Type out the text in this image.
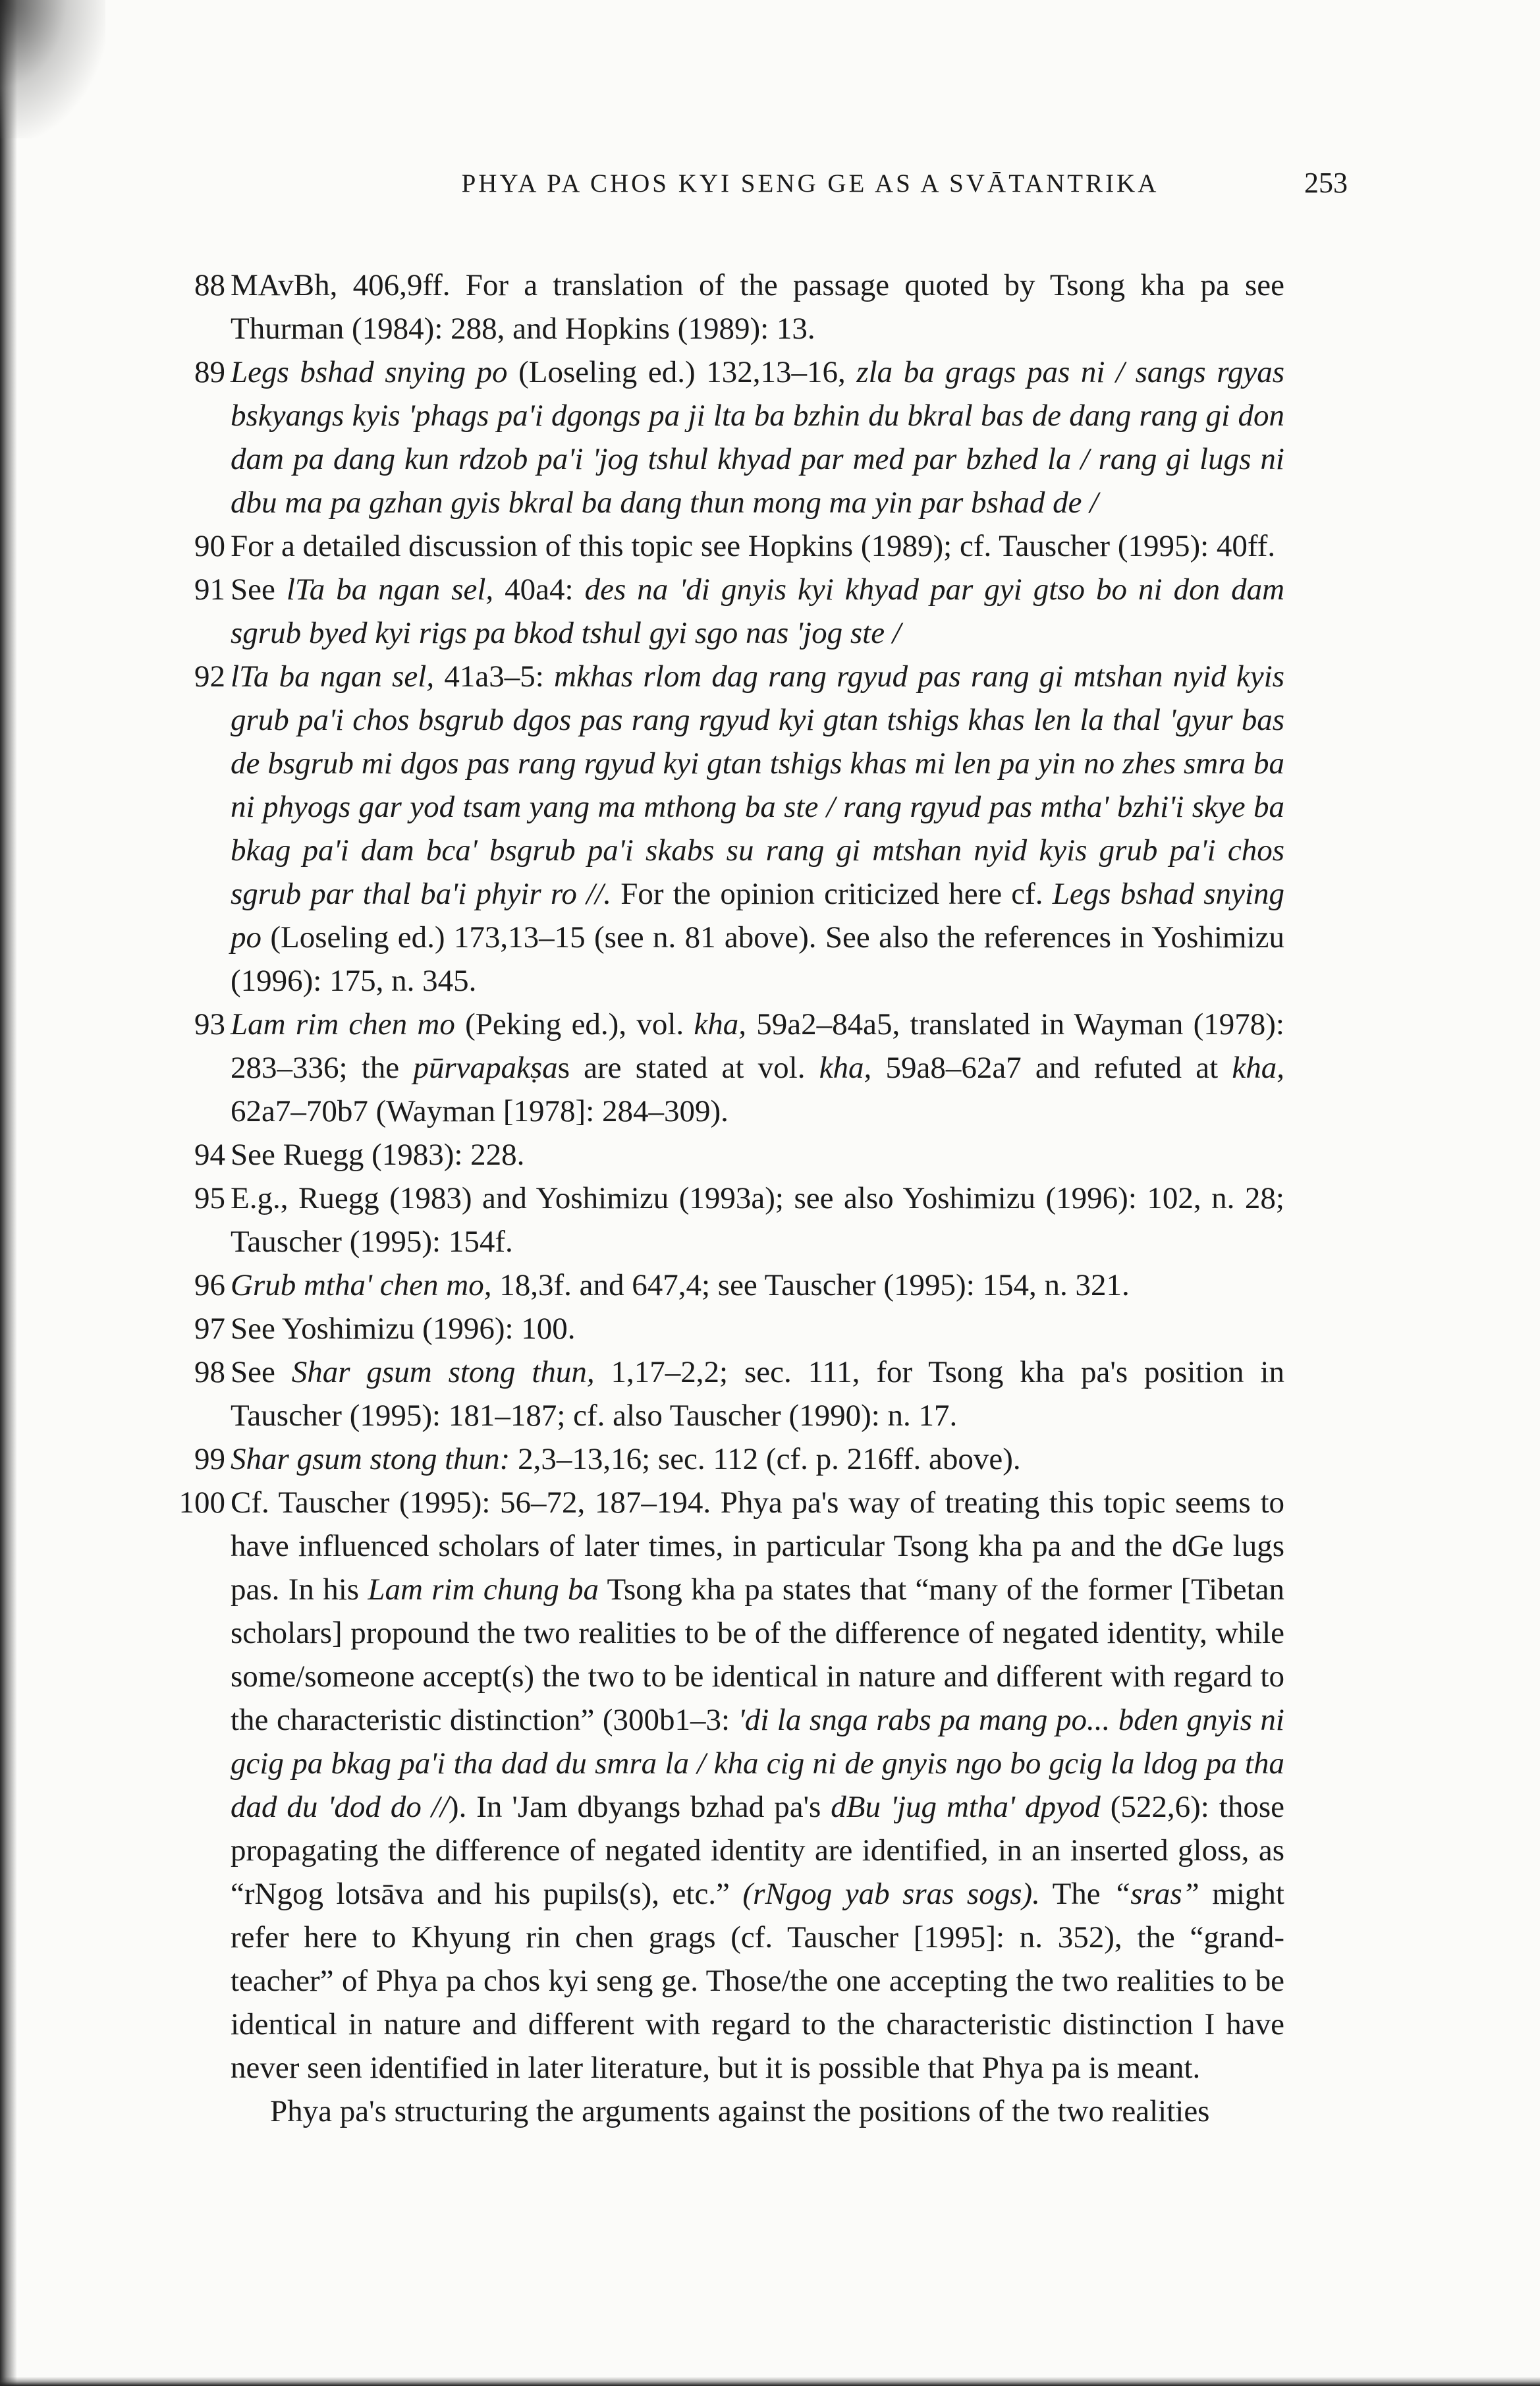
PHYA PA CHOS KYI SENG GE AS A SVĀTANTRIKA	253
88 MAvBh, 406,9ff. For a translation of the passage quoted by Tsong kha pa see Thurman (1984): 288, and Hopkins (1989): 13.
89 Legs bshad snying po (Loseling ed.) 132,13–16, zla ba grags pas ni / sangs rgyas bskyangs kyis 'phags pa'i dgongs pa ji lta ba bzhin du bkral bas de dang rang gi don dam pa dang kun rdzob pa'i 'jog tshul khyad par med par bzhed la / rang gi lugs ni dbu ma pa gzhan gyis bkral ba dang thun mong ma yin par bshad de /
90 For a detailed discussion of this topic see Hopkins (1989); cf. Tauscher (1995): 40ff.
91 See lTa ba ngan sel, 40a4: des na 'di gnyis kyi khyad par gyi gtso bo ni don dam sgrub byed kyi rigs pa bkod tshul gyi sgo nas 'jog ste /
92 lTa ba ngan sel, 41a3–5: mkhas rlom dag rang rgyud pas rang gi mtshan nyid kyis grub pa'i chos bsgrub dgos pas rang rgyud kyi gtan tshigs khas len la thal 'gyur bas de bsgrub mi dgos pas rang rgyud kyi gtan tshigs khas mi len pa yin no zhes smra ba ni phyogs gar yod tsam yang ma mthong ba ste / rang rgyud pas mtha' bzhi'i skye ba bkag pa'i dam bca' bsgrub pa'i skabs su rang gi mtshan nyid kyis grub pa'i chos sgrub par thal ba'i phyir ro //. For the opinion criticized here cf. Legs bshad snying po (Loseling ed.) 173,13–15 (see n. 81 above). See also the references in Yoshimizu (1996): 175, n. 345.
93 Lam rim chen mo (Peking ed.), vol. kha, 59a2–84a5, translated in Wayman (1978): 283–336; the pūrvapakṣas are stated at vol. kha, 59a8–62a7 and refuted at kha, 62a7–70b7 (Wayman [1978]: 284–309).
94 See Ruegg (1983): 228.
95 E.g., Ruegg (1983) and Yoshimizu (1993a); see also Yoshimizu (1996): 102, n. 28; Tauscher (1995): 154f.
96 Grub mtha' chen mo, 18,3f. and 647,4; see Tauscher (1995): 154, n. 321.
97 See Yoshimizu (1996): 100.
98 See Shar gsum stong thun, 1,17–2,2; sec. 111, for Tsong kha pa's position in Tauscher (1995): 181–187; cf. also Tauscher (1990): n. 17.
99 Shar gsum stong thun: 2,3–13,16; sec. 112 (cf. p. 216ff. above).
100 Cf. Tauscher (1995): 56–72, 187–194. Phya pa's way of treating this topic seems to have influenced scholars of later times, in particular Tsong kha pa and the dGe lugs pas. In his Lam rim chung ba Tsong kha pa states that “many of the former [Tibetan scholars] propound the two realities to be of the difference of negated identity, while some/someone accept(s) the two to be identical in nature and different with regard to the characteristic distinction” (300b1–3: 'di la snga rabs pa mang po... bden gnyis ni gcig pa bkag pa'i tha dad du smra la / kha cig ni de gnyis ngo bo gcig la ldog pa tha dad du 'dod do //). In 'Jam dbyangs bzhad pa's dBu 'jug mtha' dpyod (522,6): those propagating the difference of negated identity are identified, in an inserted gloss, as “rNgog lotsāva and his pupils(s), etc.” (rNgog yab sras sogs). The “sras” might refer here to Khyung rin chen grags (cf. Tauscher [1995]: n. 352), the “grand-teacher” of Phya pa chos kyi seng ge. Those/the one accepting the two realities to be identical in nature and different with regard to the characteristic distinction I have never seen identified in later literature, but it is possible that Phya pa is meant.
Phya pa's structuring the arguments against the positions of the two realities
